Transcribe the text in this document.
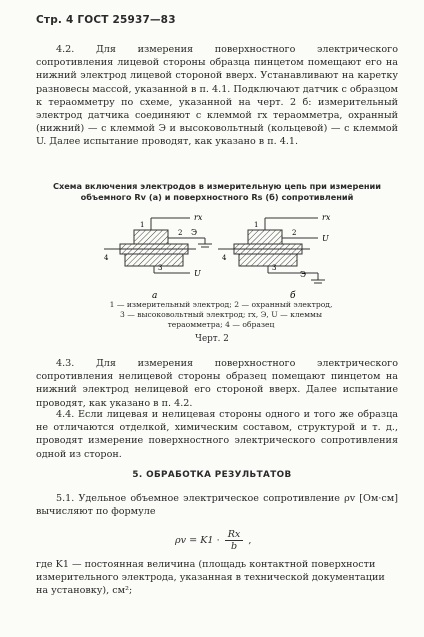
Стр. 4 ГОСТ 25937—83
4.2. Для измерения поверхностного электрического сопротивления лицевой стороны образца пинцетом помещают его на нижний электрод лицевой стороной вверх. Устанавливают на каретку разновесы массой, указанной в п. 4.1. Подключают датчик с образцом к тераомметру по схеме, указанной на черт. 2 б: измерительный электрод датчика соединяют с клеммой rx тераомметра, охранный (нижний) — с клеммой Э и высоковольтный (кольцевой) — с клеммой U. Далее испытание проводят, как указано в п. 4.1.
Схема включения электродов в измерительную цепь при измерении
объемного Rv (а) и поверхностного Rs (б) сопротивлений
rx
Э
U
1
2
3
4
а
rx
Э
U
1
2
3
4
б
1 — измерительный электрод; 2 — охранный электрод,
3 — высоковольтный электрод; rx, Э, U — клеммы
тераомметра; 4 — образец
Черт. 2
4.3. Для измерения поверхностного электрического сопротивления нелицевой стороны образец помещают пинцетом на нижний электрод нелицевой его стороной вверх. Далее испытание проводят, как указано в п. 4.2.
4.4. Если лицевая и нелицевая стороны одного и того же образца не отличаются отделкой, химическим составом, структурой и т. д., проводят измерение поверхностного электрического сопротивления одной из сторон.
5. ОБРАБОТКА РЕЗУЛЬТАТОВ
5.1. Удельное объемное электрическое сопротивление ρv [Ом·см] вычисляют по формуле
$\rho v = K1 \cdot \frac{Rx}{b}$ ,
где K1 — постоянная величина (площадь контактной поверхности измерительного электрода, указанная в технической документации на установку), см²;
